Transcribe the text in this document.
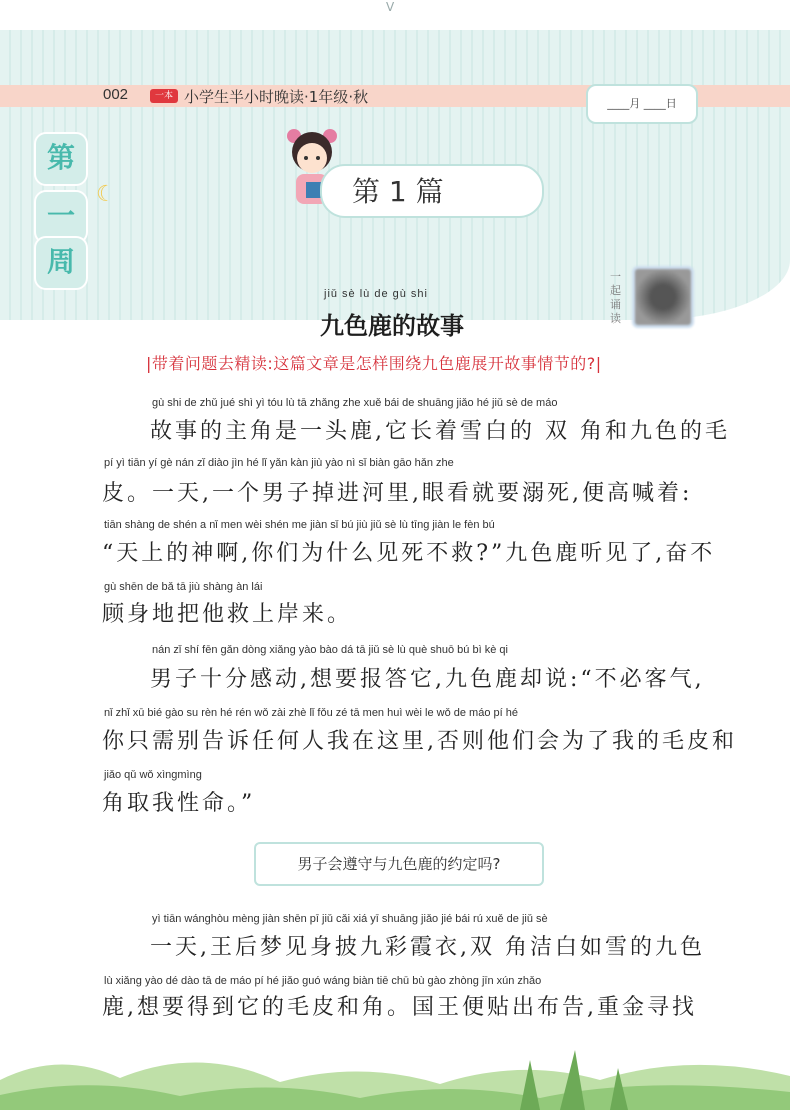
V
002	一本 小学生半小时晚读·1年级·秋	____月 ____日
第
一
周
☾	第 1 篇 ☁
一起诵读
jiǔ sè lù de gù shi
九色鹿的故事
|带着问题去精读:这篇文章是怎样围绕九色鹿展开故事情节的?|
gù shi de zhǔ jué shì yì tóu lù tā zhǎng zhe xuě bái de shuāng jiǎo hé jiǔ sè de máo
故事的主角是一头鹿,它长着雪白的 双 角和九色的毛
pí yì tiān yí gè nán zǐ diào jìn hé lǐ yǎn kàn jiù yào nì sǐ biàn gāo hǎn zhe
皮。一天,一个男子掉进河里,眼看就要溺死,便高喊着:
tiān shàng de shén a nǐ men wèi shén me jiàn sǐ bú jiù jiǔ sè lù tīng jiàn le fèn bú
“天上的神啊,你们为什么见死不救?”九色鹿听见了,奋不
gù shēn de bǎ tā jiù shàng àn lái
顾身地把他救上岸来。
nán zǐ shí fēn gǎn dòng xiǎng yào bào dá tā jiǔ sè lù què shuō bú bì kè qi
男子十分感动,想要报答它,九色鹿却说:“不必客气,
nǐ zhǐ xū bié gào su rèn hé rén wǒ zài zhè lǐ fǒu zé tā men huì wèi le wǒ de máo pí hé
你只需别告诉任何人我在这里,否则他们会为了我的毛皮和
jiǎo qǔ wǒ xìngmìng
角取我性命。”
男子会遵守与九色鹿的约定吗?
yì tiān wánghòu mèng jiàn shēn pī jiǔ cǎi xiá yī shuāng jiǎo jié bái rú xuě de jiǔ sè
一天,王后梦见身披九彩霞衣,双 角洁白如雪的九色
lù xiǎng yào dé dào tā de máo pí hé jiǎo guó wáng biàn tiē chū bù gào zhòng jīn xún zhǎo
鹿,想要得到它的毛皮和角。国王便贴出布告,重金寻找
